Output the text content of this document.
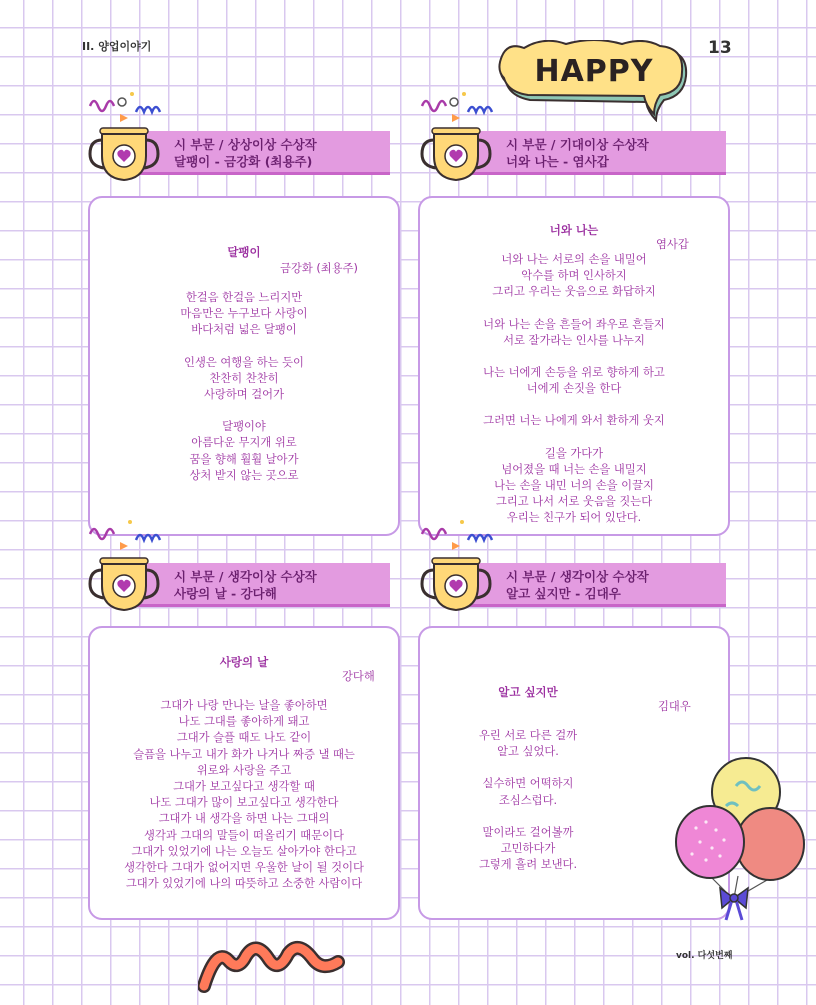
II. 양업이야기	13
HAPPY
시 부문 / 상상이상 수상작
달팽이 - 금강화 (최용주)
달팽이
금강화 (최용주)
한걸음 한걸음 느리지만
마음만은 누구보다 사랑이
바다처럼 넓은 달팽이
인생은 여행을 하는 듯이
찬찬히 찬찬히
사랑하며 걸어가
달팽이야
아름다운 무지개 위로
꿈을 향해 훨훨 날아가
상처 받지 않는 곳으로
시 부문 / 기대이상 수상작
너와 나는 - 염사갑
너와 나는
염사갑
너와 나는 서로의 손을 내밀어
악수를 하며 인사하지
그리고 우리는 웃음으로 화답하지
너와 나는 손을 흔들어 좌우로 흔들지
서로 잘가라는 인사를 나누지
나는 너에게 손등을 위로 향하게 하고
너에게 손짓을 한다
그러면 너는 나에게 와서 환하게 웃지
길을 가다가
넘어졌을 때 너는 손을 내밀지
나는 손을 내민 너의 손을 이끌지
그리고 나서 서로 웃음을 짓는다
우리는 친구가 되어 있단다.
시 부문 / 생각이상 수상작
사랑의 날 - 강다해
사랑의 날
강다해
그대가 나랑 만나는 날을 좋아하면
나도 그대를 좋아하게 돼고
그대가 슬플 때도 나도 같이
슬픔을 나누고 내가 화가 나거나 짜증 낼 때는
위로와 사랑을 주고
그대가 보고싶다고 생각할 때
나도 그대가 많이 보고싶다고 생각한다
그대가 내 생각을 하면 나는 그대의
생각과 그대의 말들이 떠올리기 때문이다
그대가 있었기에 나는 오늘도 살아가야 한다고
생각한다 그대가 없어지면 우울한 날이 될 것이다
그대가 있었기에 나의 따뜻하고 소중한 사람이다
시 부문 / 생각이상 수상작
알고 싶지만 - 김대우
알고 싶지만
김대우
우린 서로 다른 걸까
알고 싶었다.
실수하면 어떡하지
조심스럽다.
말이라도 걸어볼까
고민하다가
그렇게 흘려 보낸다.
vol. 다섯번째
